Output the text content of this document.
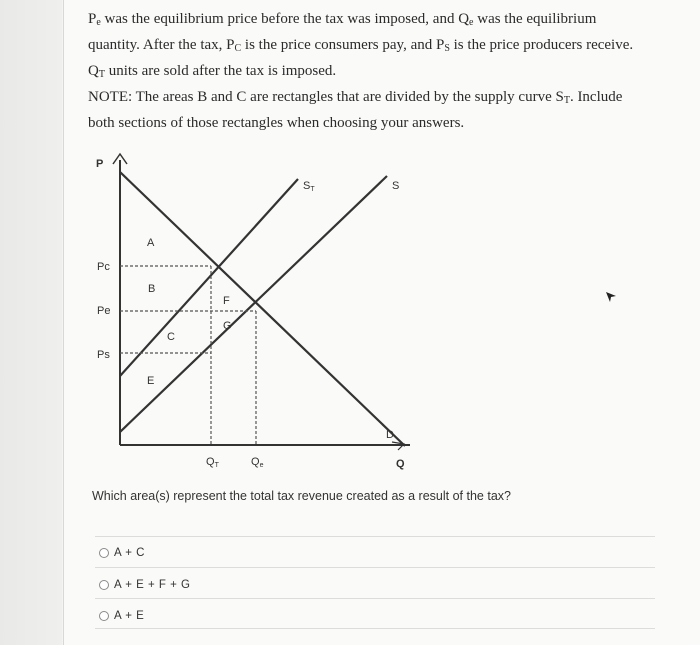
$P_e$ was the equilibrium price before the tax was imposed, and $Q_e$ was the equilibrium

quantity. After the tax, $P_C$ is the price consumers pay, and $P_S$ is the price producers receive.

$Q_T$ units are sold after the tax is imposed.

NOTE: The areas B and C are rectangles that are divided by the supply curve $S_T$. Include

both sections of those rectangles when choosing your answers.

P
Q
Pc
Pe
Ps
QT	Qe
ST	S
D
A
B
C
E
F
G
Which area(s) represent the total tax revenue created as a result of the tax?
A + C
A + E + F + G
A + E
